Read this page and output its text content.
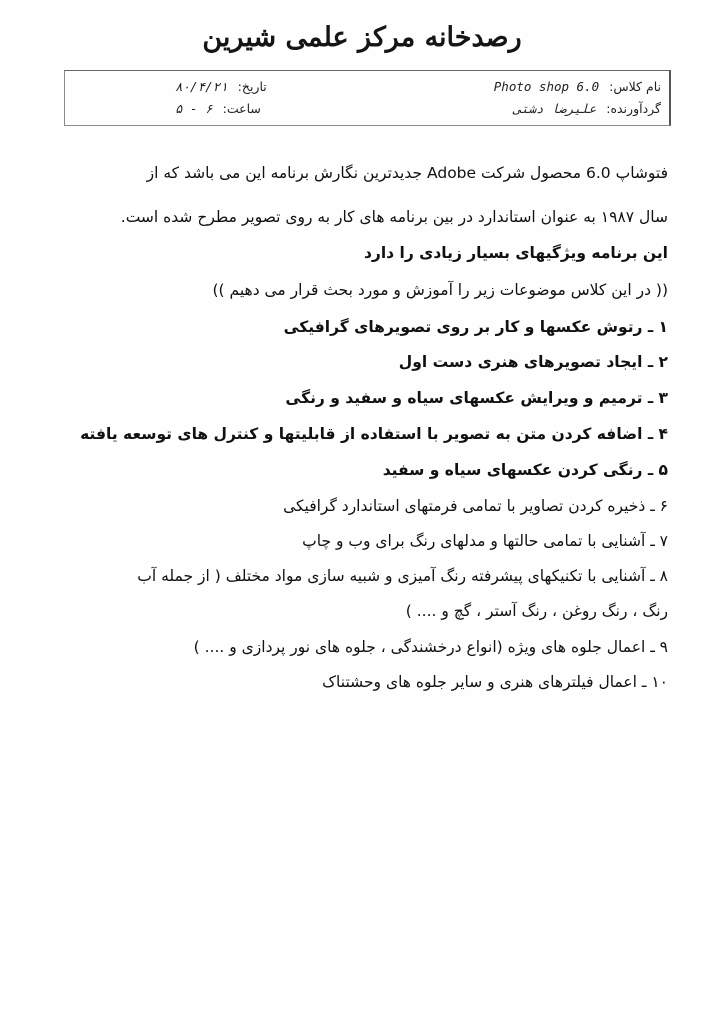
رصدخانه مرکز علمی شیرین
نام کلاس: Photo shop 6.0
گردآورنده: علیرضا دشتی
تاریخ: ۸۰/۴/۲۱
ساعت: ۶ - ۵
فتوشاپ 6.0 محصول شرکت Adobe جدیدترین نگارش برنامه این می باشد که از
سال ۱۹۸۷ به عنوان استاندارد در بین برنامه های کار به روی تصویر مطرح شده است.
این برنامه ویژگیهای بسیار زیادی را دارد
(( در این کلاس موضوعات زیر را آموزش و مورد بحث قرار می دهیم ))
۱ ـ رتوش عکسها و کار بر روی تصویرهای گرافیکی
۲ ـ ایجاد تصویرهای هنری دست اول
۳ ـ ترمیم و ویرایش عکسهای سیاه و سفید و رنگی
۴ ـ اضافه کردن متن به تصویر با استفاده از قابلیتها و کنترل های توسعه یافته
۵ ـ رنگی کردن عکسهای سیاه و سفید
۶ ـ ذخیره کردن تصاویر با تمامی فرمتهای استاندارد گرافیکی
۷ ـ آشنایی با تمامی حالتها و مدلهای رنگ برای وب و چاپ
۸ ـ آشنایی با تکنیکهای پیشرفته رنگ آمیزی و شبیه سازی مواد مختلف ( از جمله آب
رنگ ، رنگ روغن ، رنگ آستر ، گچ و .... )
۹ ـ اعمال جلوه های ویژه (انواع درخشندگی ، جلوه های نور پردازی و .... )
۱۰ ـ اعمال فیلترهای هنری و سایر جلوه های وحشتناک
